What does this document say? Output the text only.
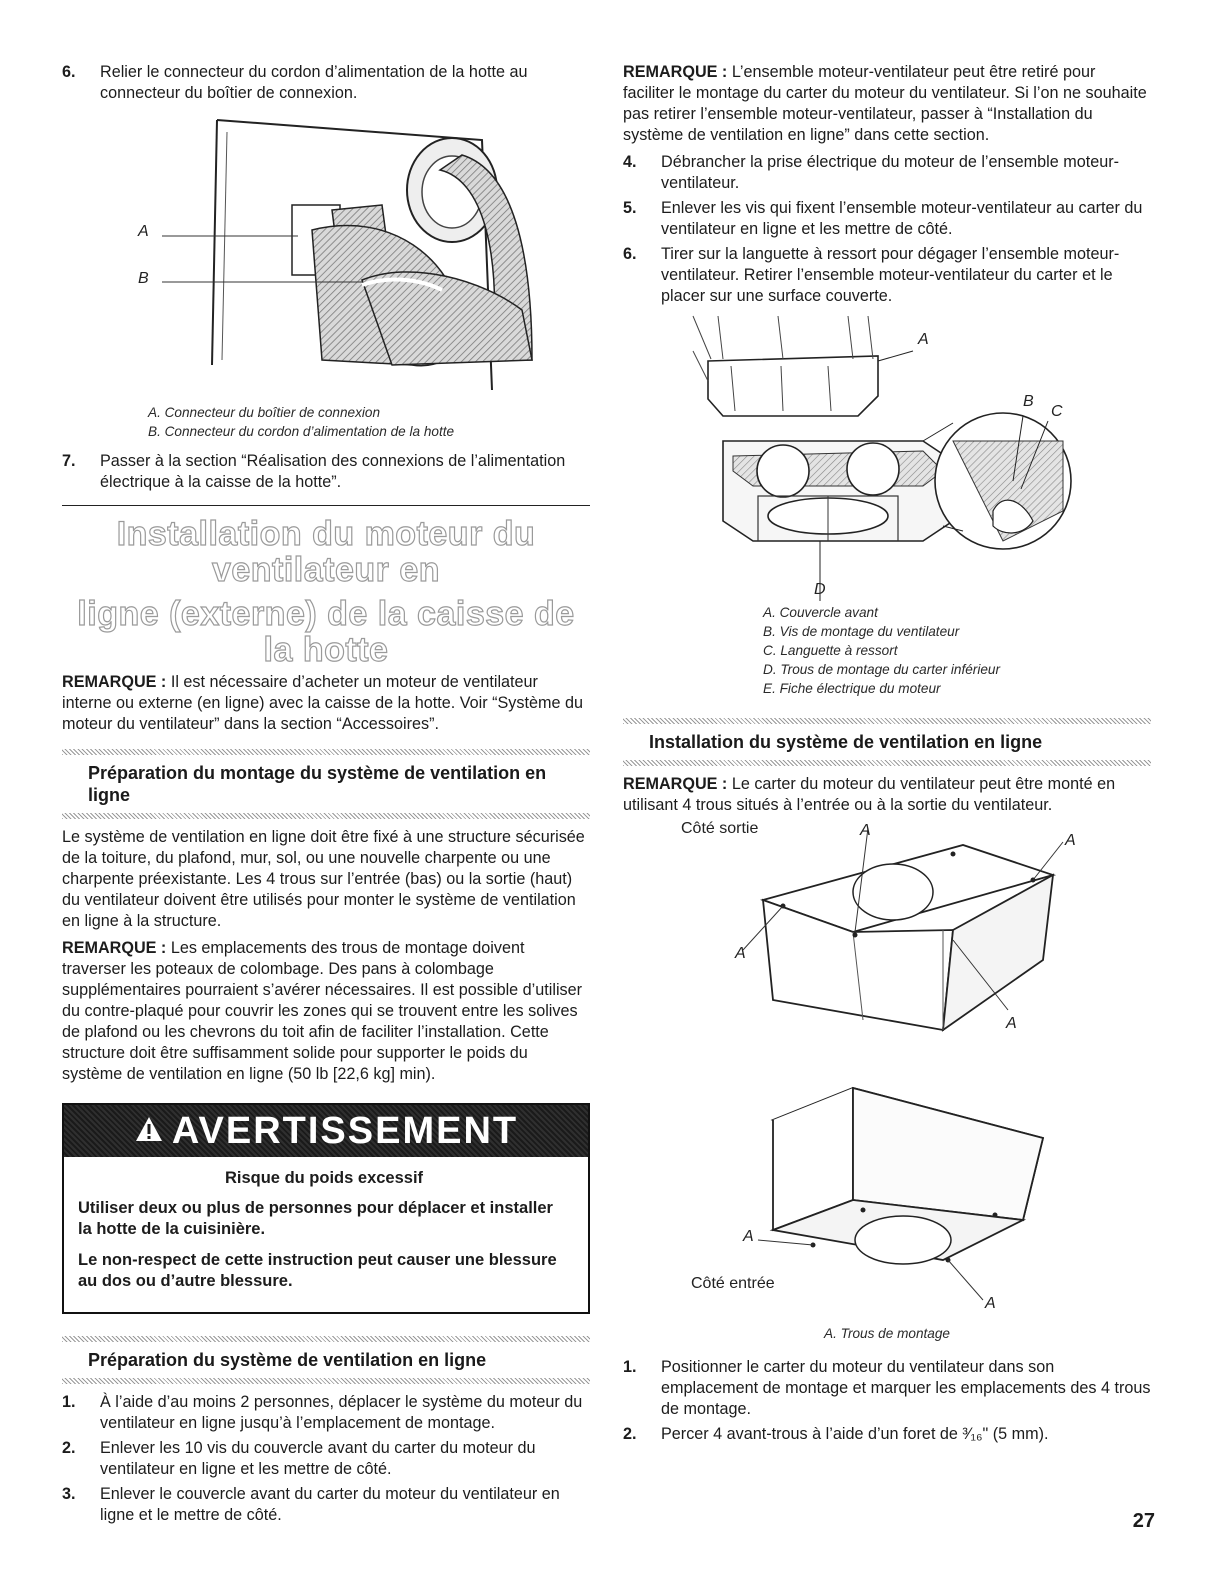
6. Relier le connecteur du cordon d’alimentation de la hotte au connecteur du boîtier de connexion.
A
B
A. Connecteur du boîtier de connexion
B. Connecteur du cordon d’alimentation de la hotte
7. Passer à la section “Réalisation des connexions de l’alimentation électrique à la caisse de la hotte”.
Installation du moteur du ventilateur en
ligne (externe) de la caisse de la hotte

REMARQUE : Il est nécessaire d’acheter un moteur de ventilateur interne ou externe (en ligne) avec la caisse de la hotte. Voir “Système du moteur du ventilateur” dans la section “Accessoires”.

Préparation du montage du système de ventilation en ligne

Le système de ventilation en ligne doit être fixé à une structure sécurisée de la toiture, du plafond, mur, sol, ou une nouvelle charpente ou une charpente préexistante. Les 4 trous sur l’entrée (bas) ou la sortie (haut) du ventilateur doivent être utilisés pour monter le système de ventilation en ligne à la structure.

REMARQUE : Les emplacements des trous de montage doivent traverser les poteaux de colombage. Des pans à colombage supplémentaires pourraient s’avérer nécessaires. Il est possible d’utiliser du contre-plaqué pour couvrir les zones qui se trouvent entre les solives de plafond ou les chevrons du toit afin de faciliter l’installation. Cette structure doit être suffisamment solide pour supporter le poids du système de ventilation en ligne (50 lb [22,6 kg] min).

AVERTISSEMENT
Risque du poids excessif
Utiliser deux ou plus de personnes pour déplacer et installer la hotte de la cuisinière.
Le non-respect de cette instruction peut causer une blessure au dos ou d’autre blessure.
Préparation du système de ventilation en ligne
1. À l’aide d’au moins 2 personnes, déplacer le système du moteur du ventilateur en ligne jusqu’à l’emplacement de montage.
2. Enlever les 10 vis du couvercle avant du carter du moteur du ventilateur en ligne et les mettre de côté.
3. Enlever le couvercle avant du carter du moteur du ventilateur en ligne et le mettre de côté.

REMARQUE : L’ensemble moteur-ventilateur peut être retiré pour faciliter le montage du carter du moteur du ventilateur. Si l’on ne souhaite pas retirer l’ensemble moteur-ventilateur, passer à “Installation du système de ventilation en ligne” dans cette section.

4. Débrancher la prise électrique du moteur de l’ensemble moteur-ventilateur.
5. Enlever les vis qui fixent l’ensemble moteur-ventilateur au carter du ventilateur en ligne et les mettre de côté.
6. Tirer sur la languette à ressort pour dégager l’ensemble moteur-ventilateur. Retirer l’ensemble moteur-ventilateur du carter et le placer sur une surface couverte.
A
B
C
D
A. Couvercle avant
B. Vis de montage du ventilateur
C. Languette à ressort
D. Trous de montage du carter inférieur
E. Fiche électrique du moteur
Installation du système de ventilation en ligne

REMARQUE : Le carter du moteur du ventilateur peut être monté en utilisant 4 trous situés à l’entrée ou à la sortie du ventilateur.

Côté sortie	A
A
A
A
A
Côté entrée
A
A. Trous de montage
1. Positionner le carter du moteur du ventilateur dans son emplacement de montage et marquer les emplacements des 4 trous de montage.
2. Percer 4 avant-trous à l’aide d’un foret de ³⁄₁₆" (5 mm).
27
